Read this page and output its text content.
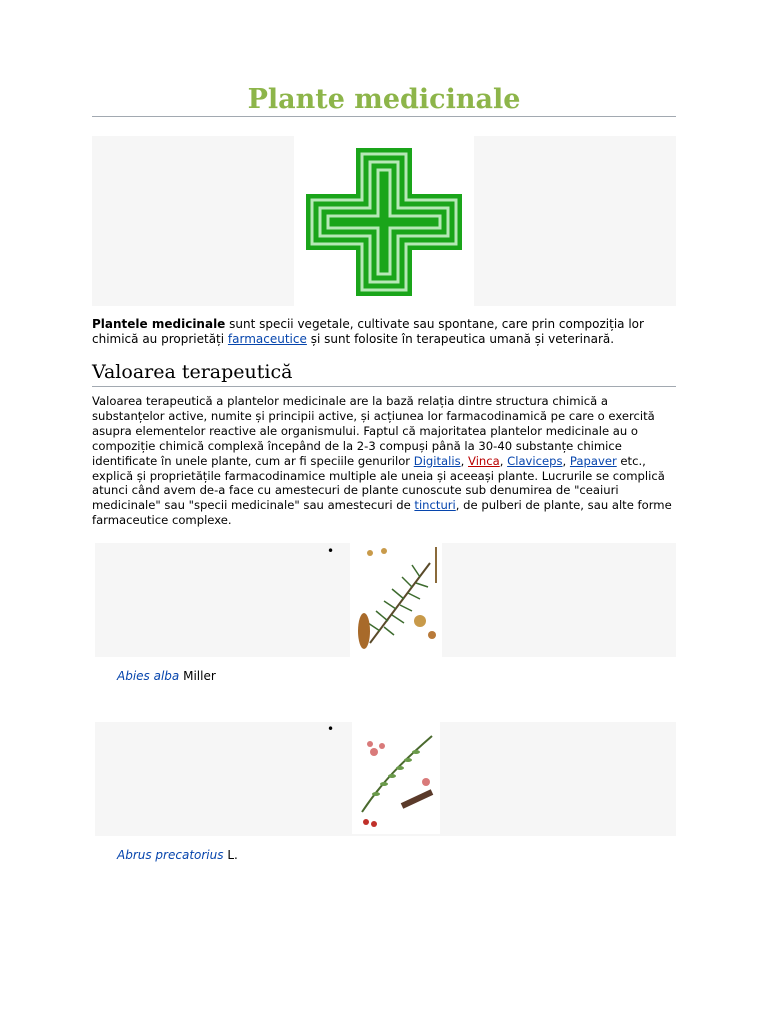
Plante medicinale
Plantele medicinale sunt specii vegetale, cultivate sau spontane, care prin compoziția lor chimică au proprietăți farmaceutice și sunt folosite în terapeutica umană și veterinară.
Valoarea terapeutică
Valoarea terapeutică a plantelor medicinale are la bază relația dintre structura chimică a substanțelor active, numite și principii active, și acțiunea lor farmacodinamică pe care o exercită asupra elementelor reactive ale organismului. Faptul că majoritatea plantelor medicinale au o compoziție chimică complexă începând de la 2-3 compuși până la 30-40 substanțe chimice identificate în unele plante, cum ar fi speciile genurilor Digitalis, Vinca, Claviceps, Papaver etc., explică și proprietățile farmacodinamice multiple ale uneia și aceeași plante. Lucrurile se complică atunci când avem de-a face cu amestecuri de plante cunoscute sub denumirea de "ceaiuri medicinale" sau "specii medicinale" sau amestecuri de tincturi, de pulberi de plante, sau alte forme farmaceutice complexe.
•
Abies alba Miller
•
Abrus precatorius L.
